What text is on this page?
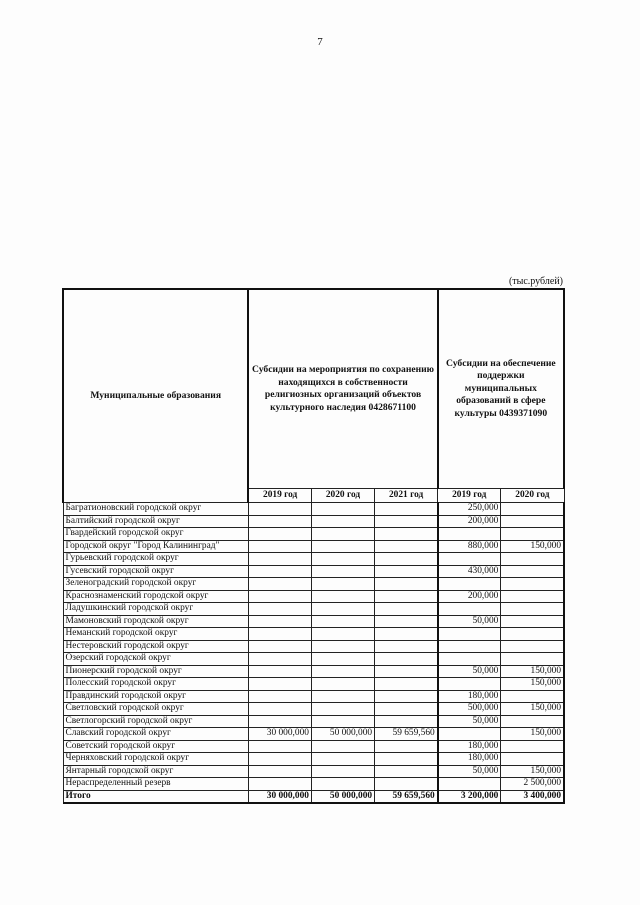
7
(тыс.рублей)
Муниципальные образования	Субсидии на мероприятия по сохранению находящихся в собственности религиозных организаций объектов культурного наследия 0428671100			Субсидии на обеспечение поддержки муниципальных образований в сфере культуры 0439371090	
	2019 год	2020 год	2021 год	2019 год	2020 год
Багратионовский городской округ				250,000	
Балтийский городской округ				200,000	
Гвардейский городской округ					
Городской округ "Город Калининград"				880,000	150,000
Гурьевский городской округ					
Гусевский городской округ				430,000	
Зеленоградский городской округ					
Краснознаменский городской округ				200,000	
Ладушкинский городской округ					
Мамоновский городской округ				50,000	
Неманский городской округ					
Нестеровский городской округ					
Озерский городской округ					
Пионерский городской округ				50,000	150,000
Полесский городской округ					150,000
Правдинский городской округ				180,000	
Светловский городской округ				500,000	150,000
Светлогорский городской округ				50,000	
Славский городской округ	30 000,000	50 000,000	59 659,560		150,000
Советский городской округ				180,000	
Черняховский городской округ				180,000	
Янтарный городской округ				50,000	150,000
Нераспределенный резерв					2 500,000
Итого	30 000,000	50 000,000	59 659,560	3 200,000	3 400,000
